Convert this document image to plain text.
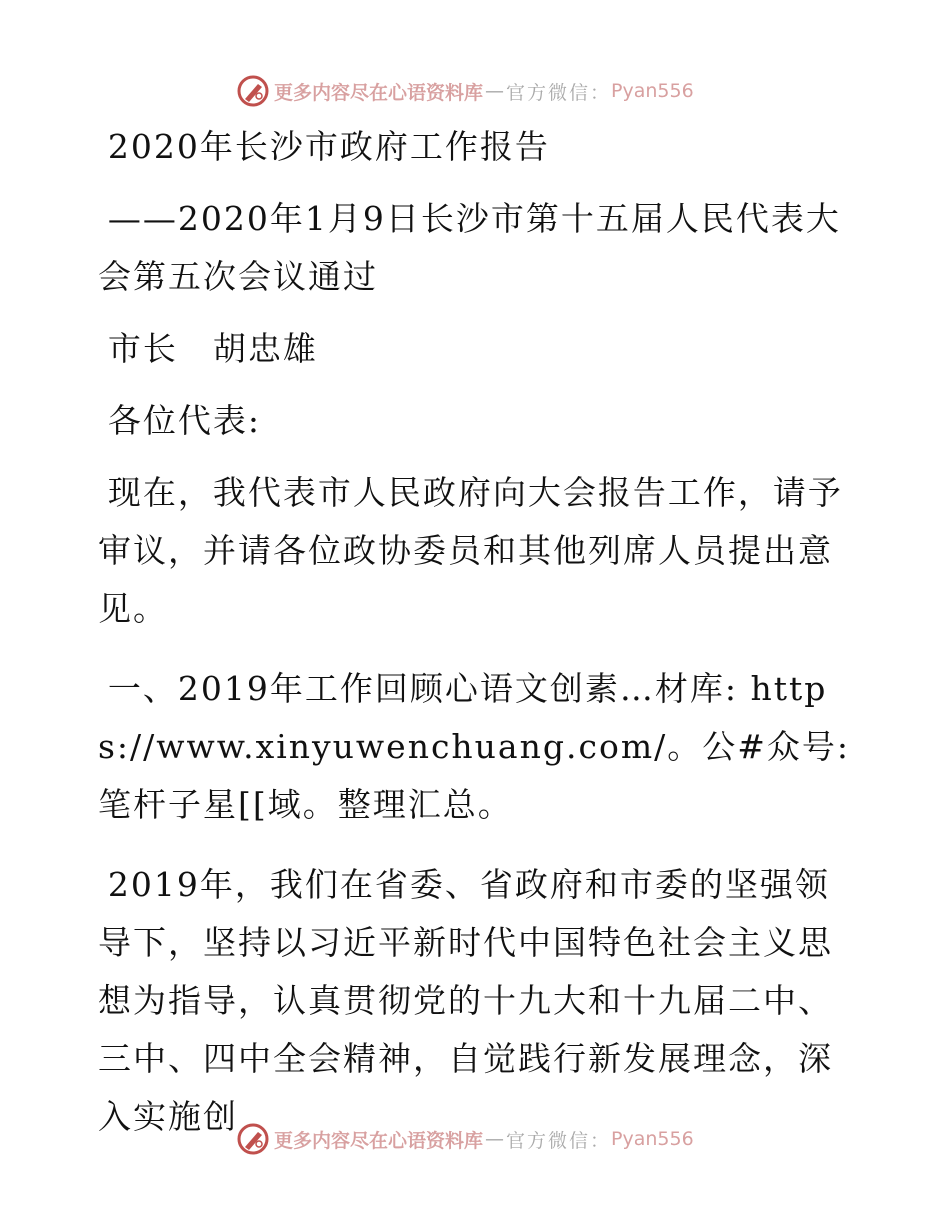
更多内容尽在心语资料库 — 官方微信： Pyan556

2020年长沙市政府工作报告

——2020年1月9日长沙市第十五届人民代表大会第五次会议通过

市长　胡忠雄

各位代表:

现在，我代表市人民政府向大会报告工作，请予审议，并请各位政协委员和其他列席人员提出意见。

一、2019年工作回顾心语文创素…材库: https://www.xinyuwenchuang.com/。公#众号: 笔杆子星[[域。整理汇总。

2019年，我们在省委、省政府和市委的坚强领导下，坚持以习近平新时代中国特色社会主义思想为指导，认真贯彻党的十九大和十九届二中、三中、四中全会精神，自觉践行新发展理念，深入实施创

更多内容尽在心语资料库 — 官方微信： Pyan556
